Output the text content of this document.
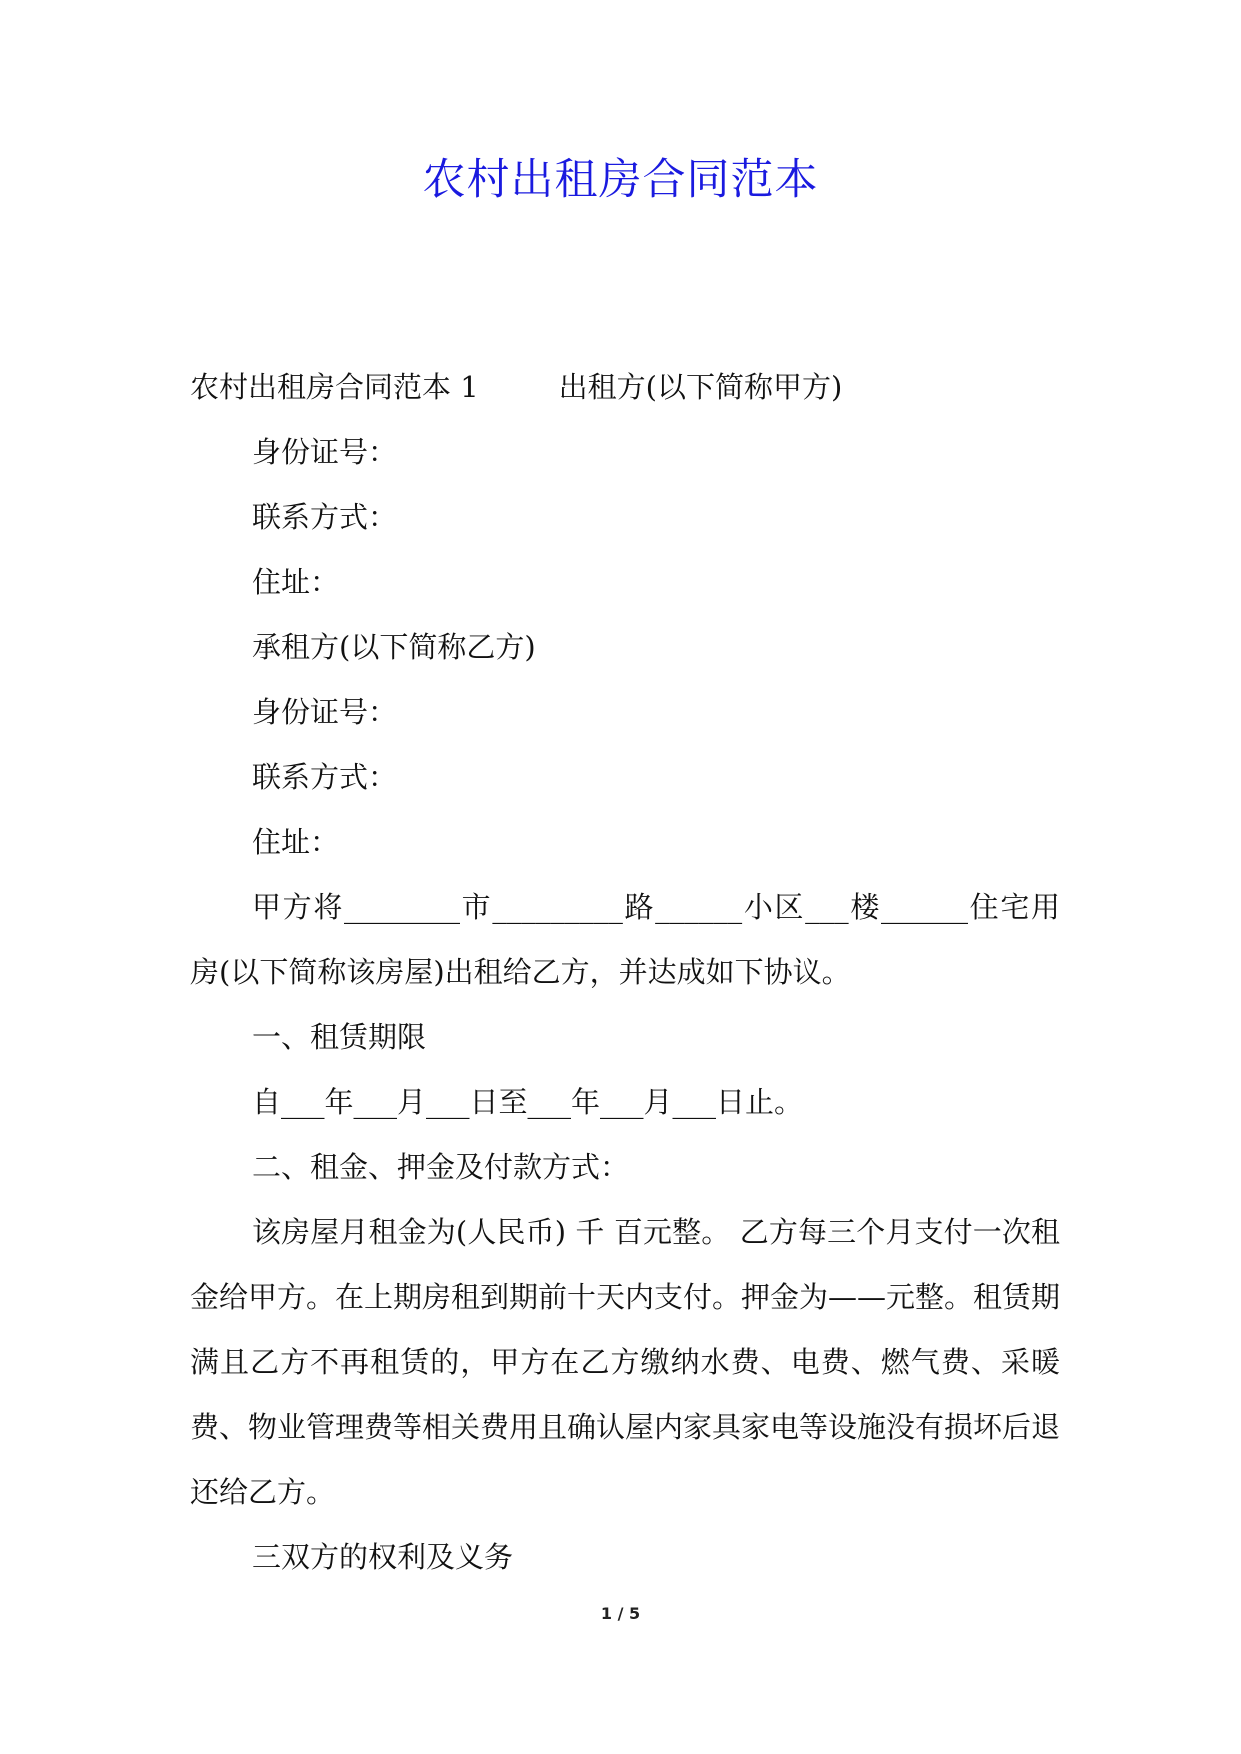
农村出租房合同范本

农村出租房合同范本 1	出租方(以下简称甲方)

身份证号：

联系方式：

住址：

承租方(以下简称乙方)

身份证号：

联系方式：

住址：

甲方将________市_________路______小区___楼______住宅用房(以下简称该房屋)出租给乙方，并达成如下协议。

一、租赁期限

自___年___月___日至___年___月___日止。

二、租金、押金及付款方式：

该房屋月租金为(人民币) 千 百元整。 乙方每三个月支付一次租金给甲方。在上期房租到期前十天内支付。押金为——元整。租赁期满且乙方不再租赁的，甲方在乙方缴纳水费、电费、燃气费、采暖费、物业管理费等相关费用且确认屋内家具家电等设施没有损坏后退还给乙方。

三双方的权利及义务

1 / 5
